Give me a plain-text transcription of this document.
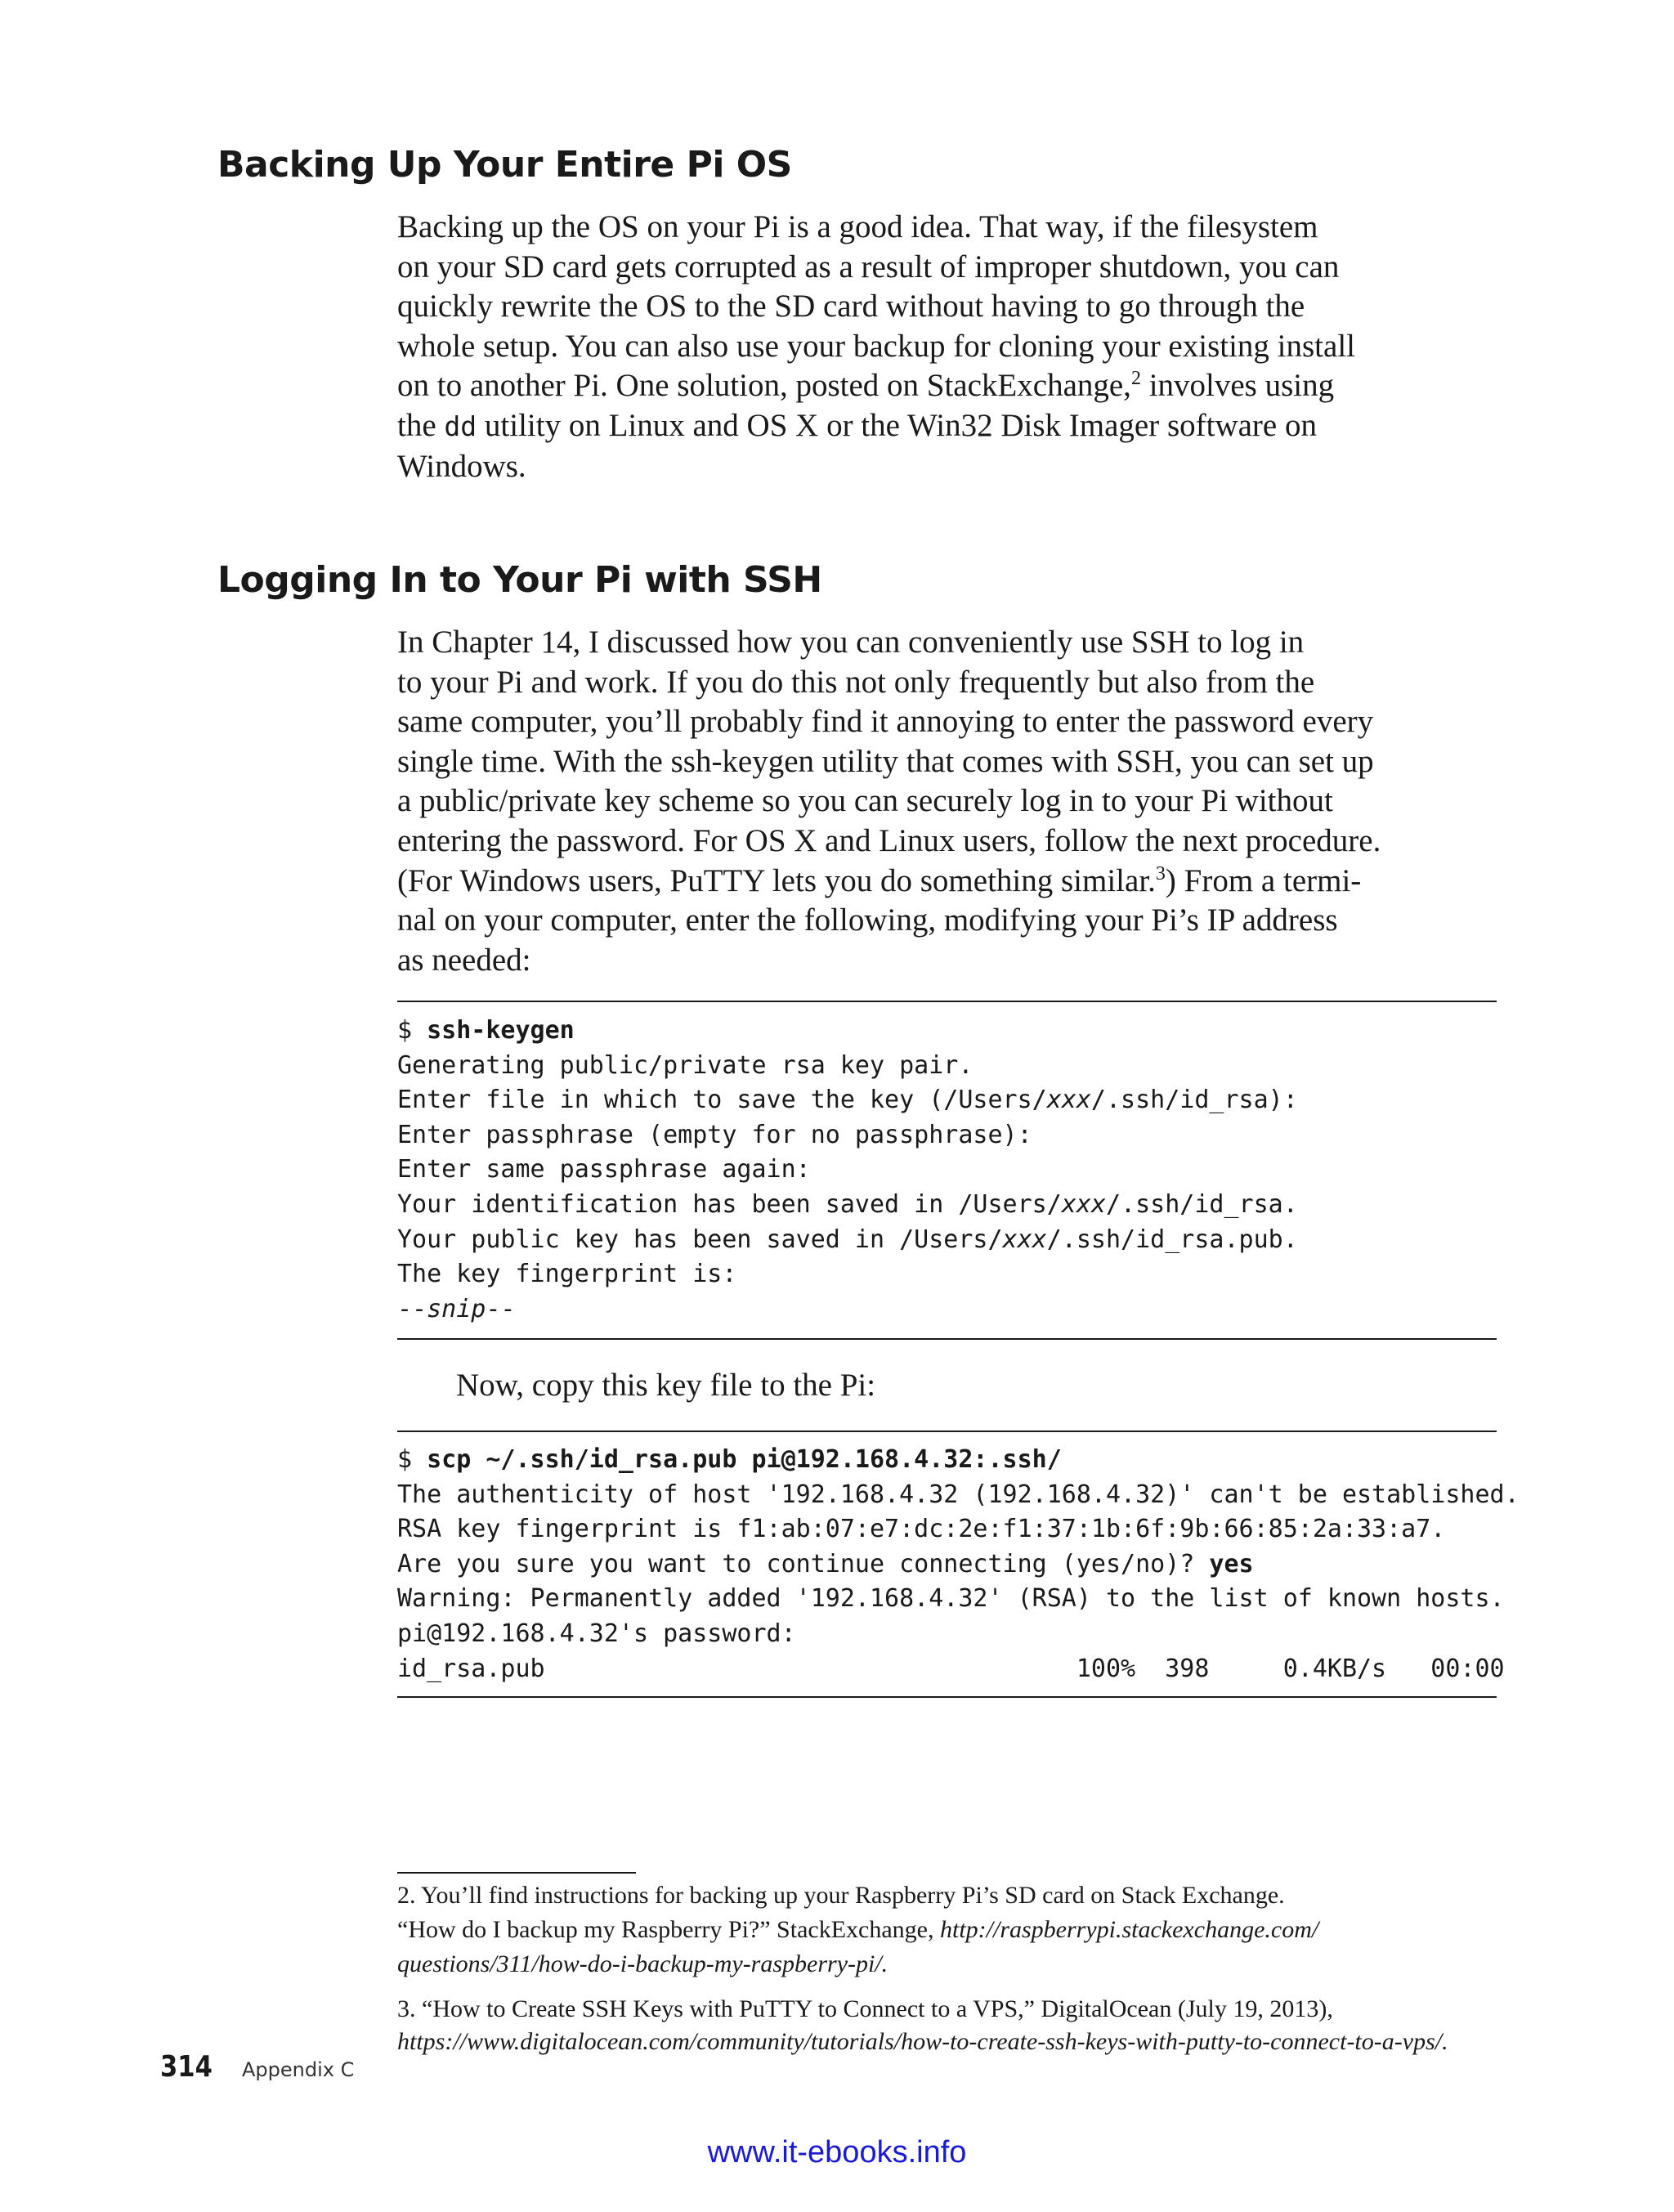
Backing Up Your Entire Pi OS

Backing up the OS on your Pi is a good idea. That way, if the filesystem
on your SD card gets corrupted as a result of improper shutdown, you can
quickly rewrite the OS to the SD card without having to go through the
whole setup. You can also use your backup for cloning your existing install
on to another Pi. One solution, posted on StackExchange,$^2$ involves using
the dd utility on Linux and OS X or the Win32 Disk Imager software on
Windows.

Logging In to Your Pi with SSH

In Chapter 14, I discussed how you can conveniently use SSH to log in
to your Pi and work. If you do this not only frequently but also from the
same computer, you’ll probably find it annoying to enter the password every
single time. With the ssh-keygen utility that comes with SSH, you can set up
a public/private key scheme so you can securely log in to your Pi without
entering the password. For OS X and Linux users, follow the next procedure.
(For Windows users, PuTTY lets you do something similar.$^3$) From a termi-
nal on your computer, enter the following, modifying your Pi’s IP address
as needed:

$ ssh-keygen
Generating public/private rsa key pair.
Enter file in which to save the key (/Users/xxx/.ssh/id_rsa):
Enter passphrase (empty for no passphrase):
Enter same passphrase again:
Your identification has been saved in /Users/xxx/.ssh/id_rsa.
Your public key has been saved in /Users/xxx/.ssh/id_rsa.pub.
The key fingerprint is:
--snip--

Now, copy this key file to the Pi:

$ scp ~/.ssh/id_rsa.pub pi@192.168.4.32:.ssh/
The authenticity of host '192.168.4.32 (192.168.4.32)' can't be established.
RSA key fingerprint is f1:ab:07:e7:dc:2e:f1:37:1b:6f:9b:66:85:2a:33:a7.
Are you sure you want to continue connecting (yes/no)? yes
Warning: Permanently added '192.168.4.32' (RSA) to the list of known hosts.
pi@192.168.4.32's password:
id_rsa.pub                                    100%  398     0.4KB/s   00:00

2. You’ll find instructions for backing up your Raspberry Pi’s SD card on Stack Exchange.
“How do I backup my Raspberry Pi?” StackExchange, http://raspberrypi.stackexchange.com/
questions/311/how-do-i-backup-my-raspberry-pi/.

3. “How to Create SSH Keys with PuTTY to Connect to a VPS,” DigitalOcean (July 19, 2013),
https://www.digitalocean.com/community/tutorials/how-to-create-ssh-keys-with-putty-to-connect-to-a-vps/.

314 Appendix C
www.it-ebooks.info
